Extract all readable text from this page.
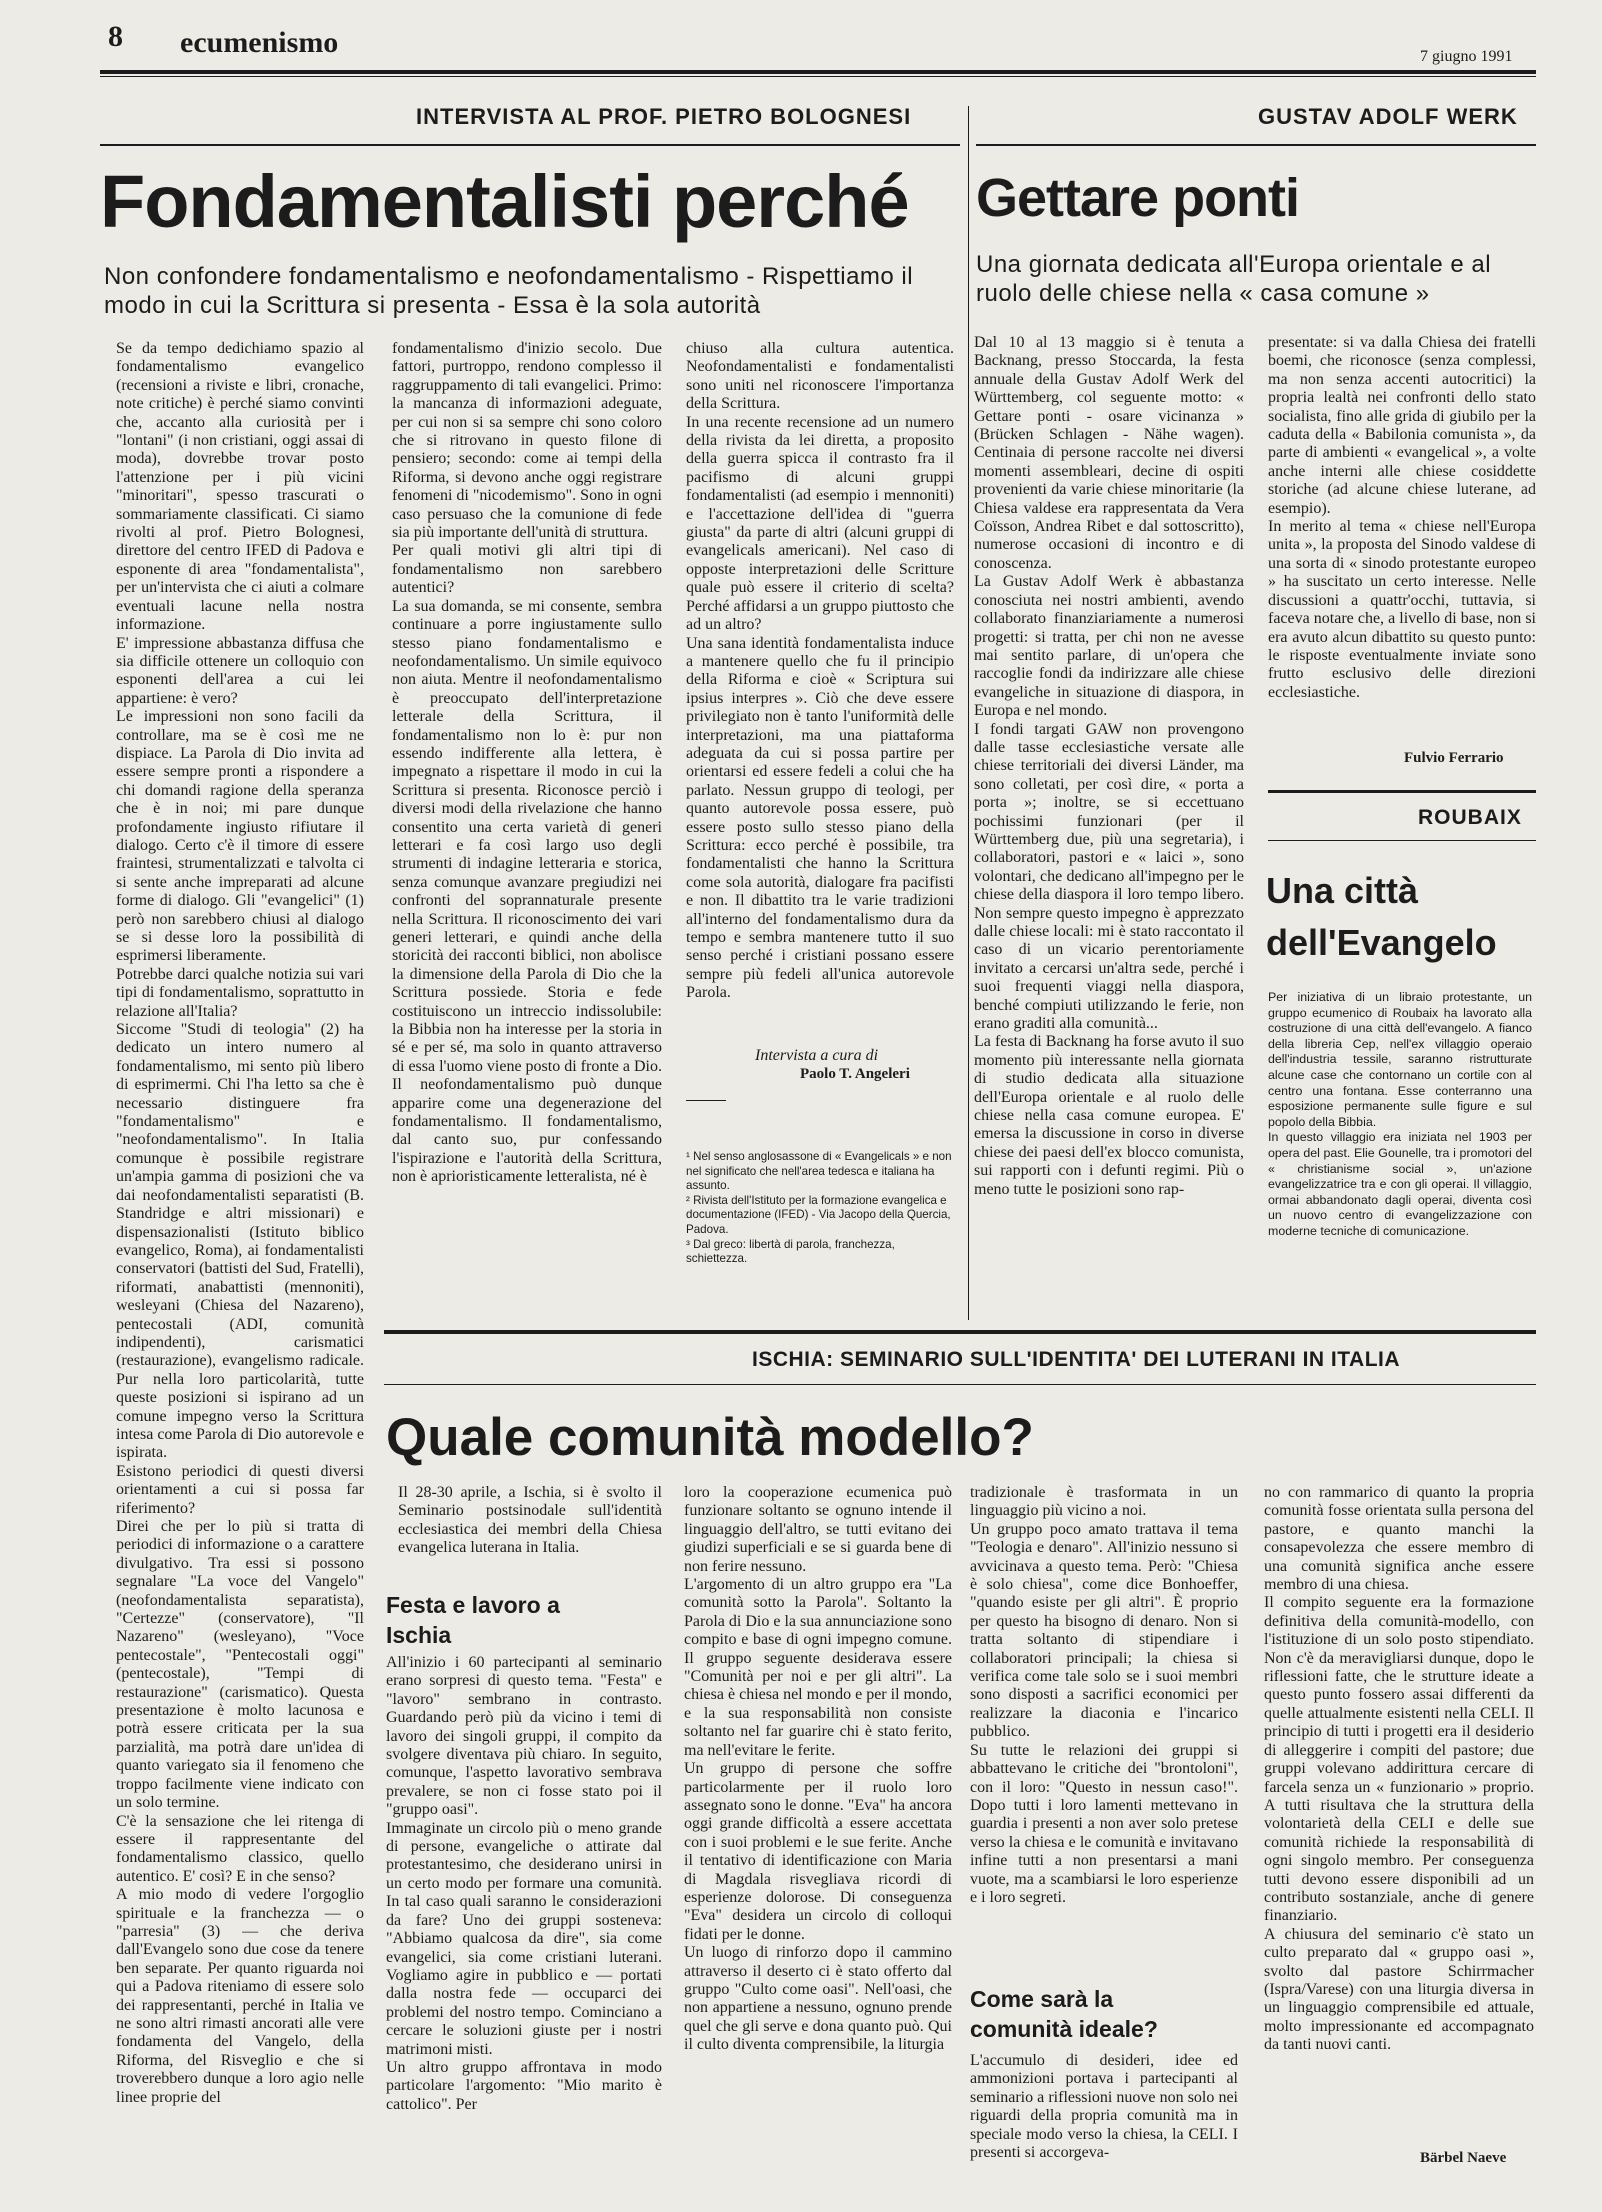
8 ecumenismo	7 giugno 1991
INTERVISTA AL PROF. PIETRO BOLOGNESI
Fondamentalisti perché
Non confondere fondamentalismo e neofondamentalismo - Rispettiamo il modo in cui la Scrittura si presenta - Essa è la sola autorità
Se da tempo dedichiamo spazio al fondamentalismo evangelico (recensioni a riviste e libri, cronache, note critiche) è perché siamo convinti che, accanto alla curiosità per i "lontani" (i non cristiani, oggi assai di moda), dovrebbe trovar posto l'attenzione per i più vicini "minoritari", spesso trascurati o sommariamente classificati. Ci siamo rivolti al prof. Pietro Bolognesi, direttore del centro IFED di Padova e esponente di area "fondamentalista", per un'intervista che ci aiuti a colmare eventuali lacune nella nostra informazione.
E' impressione abbastanza diffusa che sia difficile ottenere un colloquio con esponenti dell'area a cui lei appartiene: è vero?
Le impressioni non sono facili da controllare, ma se è così me ne dispiace. La Parola di Dio invita ad essere sempre pronti a rispondere a chi domandi ragione della speranza che è in noi; mi pare dunque profondamente ingiusto rifiutare il dialogo. Certo c'è il timore di essere fraintesi, strumentalizzati e talvolta ci si sente anche impreparati ad alcune forme di dialogo. Gli "evangelici" (1) però non sarebbero chiusi al dialogo se si desse loro la possibilità di esprimersi liberamente.
Potrebbe darci qualche notizia sui vari tipi di fondamentalismo, soprattutto in relazione all'Italia?
Siccome "Studi di teologia" (2) ha dedicato un intero numero al fondamentalismo, mi sento più libero di esprimermi. Chi l'ha letto sa che è necessario distinguere fra "fondamentalismo" e "neofondamentalismo". In Italia comunque è possibile registrare un'ampia gamma di posizioni che va dai neofondamentalisti separatisti (B. Standridge e altri missionari) e dispensazionalisti (Istituto biblico evangelico, Roma), ai fondamentalisti conservatori (battisti del Sud, Fratelli), riformati, anabattisti (mennoniti), wesleyani (Chiesa del Nazareno), pentecostali (ADI, comunità indipendenti), carismatici (restaurazione), evangelismo radicale. Pur nella loro particolarità, tutte queste posizioni si ispirano ad un comune impegno verso la Scrittura intesa come Parola di Dio autorevole e ispirata.
Esistono periodici di questi diversi orientamenti a cui si possa far riferimento?
Direi che per lo più si tratta di periodici di informazione o a carattere divulgativo. Tra essi si possono segnalare "La voce del Vangelo" (neofondamentalista separatista), "Certezze" (conservatore), "Il Nazareno" (wesleyano), "Voce pentecostale", "Pentecostali oggi" (pentecostale), "Tempi di restaurazione" (carismatico). Questa presentazione è molto lacunosa e potrà essere criticata per la sua parzialità, ma potrà dare un'idea di quanto variegato sia il fenomeno che troppo facilmente viene indicato con un solo termine.
C'è la sensazione che lei ritenga di essere il rappresentante del fondamentalismo classico, quello autentico. E' così? E in che senso?
A mio modo di vedere l'orgoglio spirituale e la franchezza — o "parresia" (3) — che deriva dall'Evangelo sono due cose da tenere ben separate. Per quanto riguarda noi qui a Padova riteniamo di essere solo dei rappresentanti, perché in Italia ve ne sono altri rimasti ancorati alle vere fondamenta del Vangelo, della Riforma, del Risveglio e che si troverebbero dunque a loro agio nelle linee proprie del
fondamentalismo d'inizio secolo. Due fattori, purtroppo, rendono complesso il raggruppamento di tali evangelici. Primo: la mancanza di informazioni adeguate, per cui non si sa sempre chi sono coloro che si ritrovano in questo filone di pensiero; secondo: come ai tempi della Riforma, si devono anche oggi registrare fenomeni di "nicodemismo". Sono in ogni caso persuaso che la comunione di fede sia più importante dell'unità di struttura.
Per quali motivi gli altri tipi di fondamentalismo non sarebbero autentici?
La sua domanda, se mi consente, sembra continuare a porre ingiustamente sullo stesso piano fondamentalismo e neofondamentalismo. Un simile equivoco non aiuta. Mentre il neofondamentalismo è preoccupato dell'interpretazione letterale della Scrittura, il fondamentalismo non lo è: pur non essendo indifferente alla lettera, è impegnato a rispettare il modo in cui la Scrittura si presenta. Riconosce perciò i diversi modi della rivelazione che hanno consentito una certa varietà di generi letterari e fa così largo uso degli strumenti di indagine letteraria e storica, senza comunque avanzare pregiudizi nei confronti del soprannaturale presente nella Scrittura. Il riconoscimento dei vari generi letterari, e quindi anche della storicità dei racconti biblici, non abolisce la dimensione della Parola di Dio che la Scrittura possiede. Storia e fede costituiscono un intreccio indissolubile: la Bibbia non ha interesse per la storia in sé e per sé, ma solo in quanto attraverso di essa l'uomo viene posto di fronte a Dio. Il neofondamentalismo può dunque apparire come una degenerazione del fondamentalismo. Il fondamentalismo, dal canto suo, pur confessando l'ispirazione e l'autorità della Scrittura, non è aprioristicamente letteralista, né è
chiuso alla cultura autentica. Neofondamentalisti e fondamentalisti sono uniti nel riconoscere l'importanza della Scrittura.
In una recente recensione ad un numero della rivista da lei diretta, a proposito della guerra spicca il contrasto fra il pacifismo di alcuni gruppi fondamentalisti (ad esempio i mennoniti) e l'accettazione dell'idea di "guerra giusta" da parte di altri (alcuni gruppi di evangelicals americani). Nel caso di opposte interpretazioni delle Scritture quale può essere il criterio di scelta? Perché affidarsi a un gruppo piuttosto che ad un altro?
Una sana identità fondamentalista induce a mantenere quello che fu il principio della Riforma e cioè « Scriptura sui ipsius interpres ». Ciò che deve essere privilegiato non è tanto l'uniformità delle interpretazioni, ma una piattaforma adeguata da cui si possa partire per orientarsi ed essere fedeli a colui che ha parlato. Nessun gruppo di teologi, per quanto autorevole possa essere, può essere posto sullo stesso piano della Scrittura: ecco perché è possibile, tra fondamentalisti che hanno la Scrittura come sola autorità, dialogare fra pacifisti e non. Il dibattito tra le varie tradizioni all'interno del fondamentalismo dura da tempo e sembra mantenere tutto il suo senso perché i cristiani possano essere sempre più fedeli all'unica autorevole Parola.
Intervista a cura di
Paolo T. Angeleri
¹ Nel senso anglosassone di « Evangelicals » e non nel significato che nell'area tedesca e italiana ha assunto.
² Rivista dell'Istituto per la formazione evangelica e documentazione (IFED) - Via Jacopo della Quercia, Padova.
³ Dal greco: libertà di parola, franchezza, schiettezza.
GUSTAV ADOLF WERK
Gettare ponti
Una giornata dedicata all'Europa orientale e al ruolo delle chiese nella « casa comune »
Dal 10 al 13 maggio si è tenuta a Backnang, presso Stoccarda, la festa annuale della Gustav Adolf Werk del Württemberg, col seguente motto: « Gettare ponti - osare vicinanza » (Brücken Schlagen - Nähe wagen). Centinaia di persone raccolte nei diversi momenti assembleari, decine di ospiti provenienti da varie chiese minoritarie (la Chiesa valdese era rappresentata da Vera Coïsson, Andrea Ribet e dal sottoscritto), numerose occasioni di incontro e di conoscenza.
La Gustav Adolf Werk è abbastanza conosciuta nei nostri ambienti, avendo collaborato finanziariamente a numerosi progetti: si tratta, per chi non ne avesse mai sentito parlare, di un'opera che raccoglie fondi da indirizzare alle chiese evangeliche in situazione di diaspora, in Europa e nel mondo.
I fondi targati GAW non provengono dalle tasse ecclesiastiche versate alle chiese territoriali dei diversi Länder, ma sono colletati, per così dire, « porta a porta »; inoltre, se si eccettuano pochissimi funzionari (per il Württemberg due, più una segretaria), i collaboratori, pastori e « laici », sono volontari, che dedicano all'impegno per le chiese della diaspora il loro tempo libero. Non sempre questo impegno è apprezzato dalle chiese locali: mi è stato raccontato il caso di un vicario perentoriamente invitato a cercarsi un'altra sede, perché i suoi frequenti viaggi nella diaspora, benché compiuti utilizzando le ferie, non erano graditi alla comunità...
La festa di Backnang ha forse avuto il suo momento più interessante nella giornata di studio dedicata alla situazione dell'Europa orientale e al ruolo delle chiese nella casa comune europea. E' emersa la discussione in corso in diverse chiese dei paesi dell'ex blocco comunista, sui rapporti con i defunti regimi. Più o meno tutte le posizioni sono rap-
presentate: si va dalla Chiesa dei fratelli boemi, che riconosce (senza complessi, ma non senza accenti autocritici) la propria lealtà nei confronti dello stato socialista, fino alle grida di giubilo per la caduta della « Babilonia comunista », da parte di ambienti « evangelical », a volte anche interni alle chiese cosiddette storiche (ad alcune chiese luterane, ad esempio).
In merito al tema « chiese nell'Europa unita », la proposta del Sinodo valdese di una sorta di « sinodo protestante europeo » ha suscitato un certo interesse. Nelle discussioni a quattr'occhi, tuttavia, si faceva notare che, a livello di base, non si era avuto alcun dibattito su questo punto: le risposte eventualmente inviate sono frutto esclusivo delle direzioni ecclesiastiche.
Fulvio Ferrario
ROUBAIX
Una città
dell'Evangelo
Per iniziativa di un libraio protestante, un gruppo ecumenico di Roubaix ha lavorato alla costruzione di una città dell'evangelo. A fianco della libreria Cep, nell'ex villaggio operaio dell'industria tessile, saranno ristrutturate alcune case che contornano un cortile con al centro una fontana. Esse conterranno una esposizione permanente sulle figure e sul popolo della Bibbia.
In questo villaggio era iniziata nel 1903 per opera del past. Elie Gounelle, tra i promotori del « christianisme social », un'azione evangelizzatrice tra e con gli operai. Il villaggio, ormai abbandonato dagli operai, diventa così un nuovo centro di evangelizzazione con moderne tecniche di comunicazione.
ISCHIA: SEMINARIO SULL'IDENTITA' DEI LUTERANI IN ITALIA
Quale comunità modello?
Il 28-30 aprile, a Ischia, si è svolto il Seminario postsinodale sull'identità ecclesiastica dei membri della Chiesa evangelica luterana in Italia.
Festa e lavoro a Ischia
All'inizio i 60 partecipanti al seminario erano sorpresi di questo tema. "Festa" e "lavoro" sembrano in contrasto. Guardando però più da vicino i temi di lavoro dei singoli gruppi, il compito da svolgere diventava più chiaro. In seguito, comunque, l'aspetto lavorativo sembrava prevalere, se non ci fosse stato poi il "gruppo oasi".
Immaginate un circolo più o meno grande di persone, evangeliche o attirate dal protestantesimo, che desiderano unirsi in un certo modo per formare una comunità. In tal caso quali saranno le considerazioni da fare? Uno dei gruppi sosteneva: "Abbiamo qualcosa da dire", sia come evangelici, sia come cristiani luterani. Vogliamo agire in pubblico e — portati dalla nostra fede — occuparci dei problemi del nostro tempo. Cominciano a cercare le soluzioni giuste per i nostri matrimoni misti.
Un altro gruppo affrontava in modo particolare l'argomento: "Mio marito è cattolico". Per
loro la cooperazione ecumenica può funzionare soltanto se ognuno intende il linguaggio dell'altro, se tutti evitano dei giudizi superficiali e se si guarda bene di non ferire nessuno.
L'argomento di un altro gruppo era "La comunità sotto la Parola". Soltanto la Parola di Dio e la sua annunciazione sono compito e base di ogni impegno comune. Il gruppo seguente desiderava essere "Comunità per noi e per gli altri". La chiesa è chiesa nel mondo e per il mondo, e la sua responsabilità non consiste soltanto nel far guarire chi è stato ferito, ma nell'evitare le ferite.
Un gruppo di persone che soffre particolarmente per il ruolo loro assegnato sono le donne. "Eva" ha ancora oggi grande difficoltà a essere accettata con i suoi problemi e le sue ferite. Anche il tentativo di identificazione con Maria di Magdala risvegliava ricordi di esperienze dolorose. Di conseguenza "Eva" desidera un circolo di colloqui fidati per le donne.
Un luogo di rinforzo dopo il cammino attraverso il deserto ci è stato offerto dal gruppo "Culto come oasi". Nell'oasi, che non appartiene a nessuno, ognuno prende quel che gli serve e dona quanto può. Qui il culto diventa comprensibile, la liturgia
tradizionale è trasformata in un linguaggio più vicino a noi.
Un gruppo poco amato trattava il tema "Teologia e denaro". All'inizio nessuno si avvicinava a questo tema. Però: "Chiesa è solo chiesa", come dice Bonhoeffer, "quando esiste per gli altri". È proprio per questo ha bisogno di denaro. Non si tratta soltanto di stipendiare i collaboratori principali; la chiesa si verifica come tale solo se i suoi membri sono disposti a sacrifici economici per realizzare la diaconia e l'incarico pubblico.
Su tutte le relazioni dei gruppi si abbattevano le critiche dei "brontoloni", con il loro: "Questo in nessun caso!". Dopo tutti i loro lamenti mettevano in guardia i presenti a non aver solo pretese verso la chiesa e le comunità e invitavano infine tutti a non presentarsi a mani vuote, ma a scambiarsi le loro esperienze e i loro segreti.
Come sarà la comunità ideale?
L'accumulo di desideri, idee ed ammonizioni portava i partecipanti al seminario a riflessioni nuove non solo nei riguardi della propria comunità ma in speciale modo verso la chiesa, la CELI. I presenti si accorgeva-
no con rammarico di quanto la propria comunità fosse orientata sulla persona del pastore, e quanto manchi la consapevolezza che essere membro di una comunità significa anche essere membro di una chiesa.
Il compito seguente era la formazione definitiva della comunità-modello, con l'istituzione di un solo posto stipendiato. Non c'è da meravigliarsi dunque, dopo le riflessioni fatte, che le strutture ideate a questo punto fossero assai differenti da quelle attualmente esistenti nella CELI. Il principio di tutti i progetti era il desiderio di alleggerire i compiti del pastore; due gruppi volevano addirittura cercare di farcela senza un « funzionario » proprio. A tutti risultava che la struttura della volontarietà della CELI e delle sue comunità richiede la responsabilità di ogni singolo membro. Per conseguenza tutti devono essere disponibili ad un contributo sostanziale, anche di genere finanziario.
A chiusura del seminario c'è stato un culto preparato dal « gruppo oasi », svolto dal pastore Schirrmacher (Ispra/Varese) con una liturgia diversa in un linguaggio comprensibile ed attuale, molto impressionante ed accompagnato da tanti nuovi canti.
Bärbel Naeve
